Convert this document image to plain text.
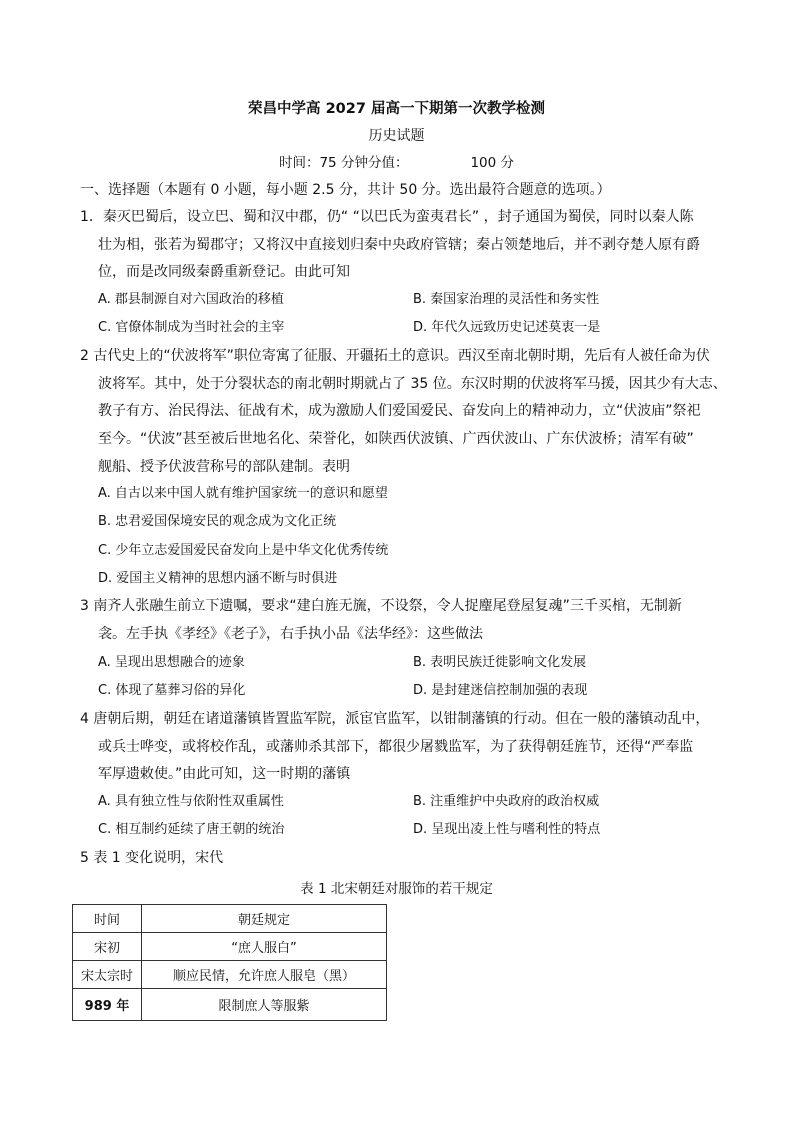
荣昌中学高 2027 届高一下期第一次教学检测
历史试题
时间：75 分钟分值：	100 分
一、选择题（本题有 0 小题，每小题 2.5 分，共计 50 分。选出最符合题意的选项。）
1．秦灭巴蜀后，设立巴、蜀和汉中郡，仍“ “以巴氏为蛮夷君长” ，封子通国为蜀侯，同时以秦人陈
壮为相，张若为蜀郡守；又将汉中直接划归秦中央政府管辖；秦占领楚地后，并不剥夺楚人原有爵
位，而是改同级秦爵重新登记。由此可知
A. 郡县制源自对六国政治的移植	B. 秦国家治理的灵活性和务实性
C. 官僚体制成为当时社会的主宰	D. 年代久远致历史记述莫衷一是
2 古代史上的“伏波将军”职位寄寓了征服、开疆拓土的意识。西汉至南北朝时期，先后有人被任命为伏
波将军。其中，处于分裂状态的南北朝时期就占了 35 位。东汉时期的伏波将军马援，因其少有大志、
教子有方、治民得法、征战有术，成为激励人们爱国爱民、奋发向上的精神动力，立“伏波庙”祭祀
至今。“伏波”甚至被后世地名化、荣誉化，如陕西伏波镇、广西伏波山、广东伏波桥；清军有破”
舰船、授予伏波营称号的部队建制。表明
A. 自古以来中国人就有维护国家统一的意识和愿望
B. 忠君爱国保境安民的观念成为文化正统
C. 少年立志爱国爱民奋发向上是中华文化优秀传统
D. 爱国主义精神的思想内涵不断与时俱进
3 南齐人张融生前立下遗嘱，要求“建白旌无旒，不设祭，令人捉麈尾登屋复魂”三千买棺，无制新
衾。左手执《孝经》《老子》，右手执小品《法华经》：这些做法
A. 呈现出思想融合的迹象	B. 表明民族迁徙影响文化发展
C. 体现了墓葬习俗的异化	D. 是封建迷信控制加强的表现
4 唐朝后期，朝廷在诸道藩镇皆置监军院，派宦官监军，以钳制藩镇的行动。但在一般的藩镇动乱中，
或兵士哗变，或将校作乱，或藩帅杀其部下，都很少屠戮监军，为了获得朝廷旌节，还得“严奉监
军厚遗敕使。”由此可知，这一时期的藩镇
A. 具有独立性与依附性双重属性	B. 注重维护中央政府的政治权威
C. 相互制约延续了唐王朝的统治	D. 呈现出凌上性与嗜利性的特点
5 表 1 变化说明，宋代
表 1 北宋朝廷对服饰的若干规定
时间	朝廷规定
宋初	“庶人服白”
宋太宗时	顺应民情，允许庶人服皂（黑）
989 年	限制庶人等服紫
